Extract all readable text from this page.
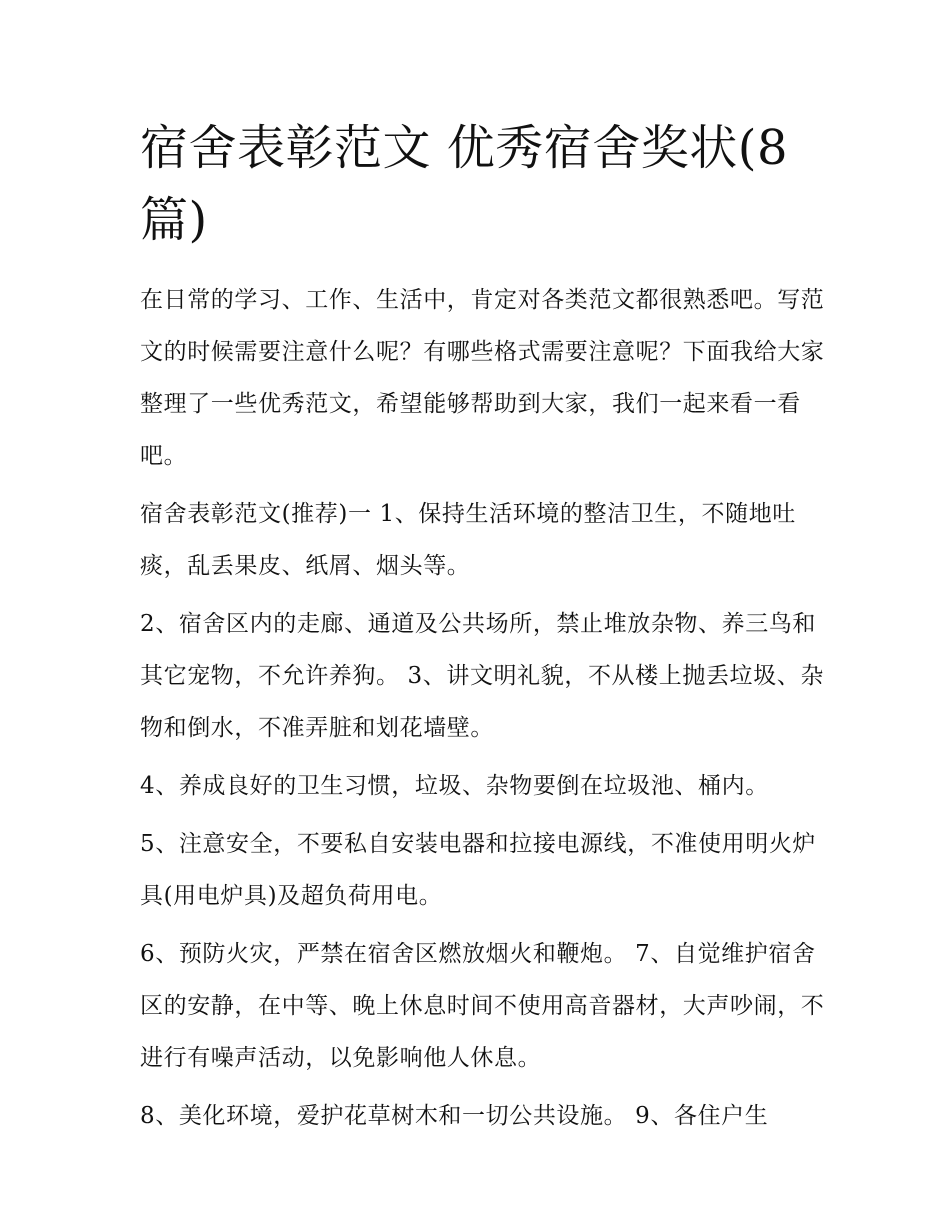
宿舍表彰范文 优秀宿舍奖状(8篇)

在日常的学习、工作、生活中，肯定对各类范文都很熟悉吧。写范文的时候需要注意什么呢？有哪些格式需要注意呢？下面我给大家整理了一些优秀范文，希望能够帮助到大家，我们一起来看一看吧。

宿舍表彰范文(推荐)一 1、保持生活环境的整洁卫生，不随地吐痰，乱丢果皮、纸屑、烟头等。

2、宿舍区内的走廊、通道及公共场所，禁止堆放杂物、养三鸟和其它宠物，不允许养狗。 3、讲文明礼貌，不从楼上抛丢垃圾、杂物和倒水，不准弄脏和划花墙壁。

4、养成良好的卫生习惯，垃圾、杂物要倒在垃圾池、桶内。

5、注意安全，不要私自安装电器和拉接电源线，不准使用明火炉具(用电炉具)及超负荷用电。

6、预防火灾，严禁在宿舍区燃放烟火和鞭炮。 7、自觉维护宿舍区的安静，在中等、晚上休息时间不使用高音器材，大声吵闹，不进行有噪声活动，以免影响他人休息。

8、美化环境，爱护花草树木和一切公共设施。 9、各住户生
